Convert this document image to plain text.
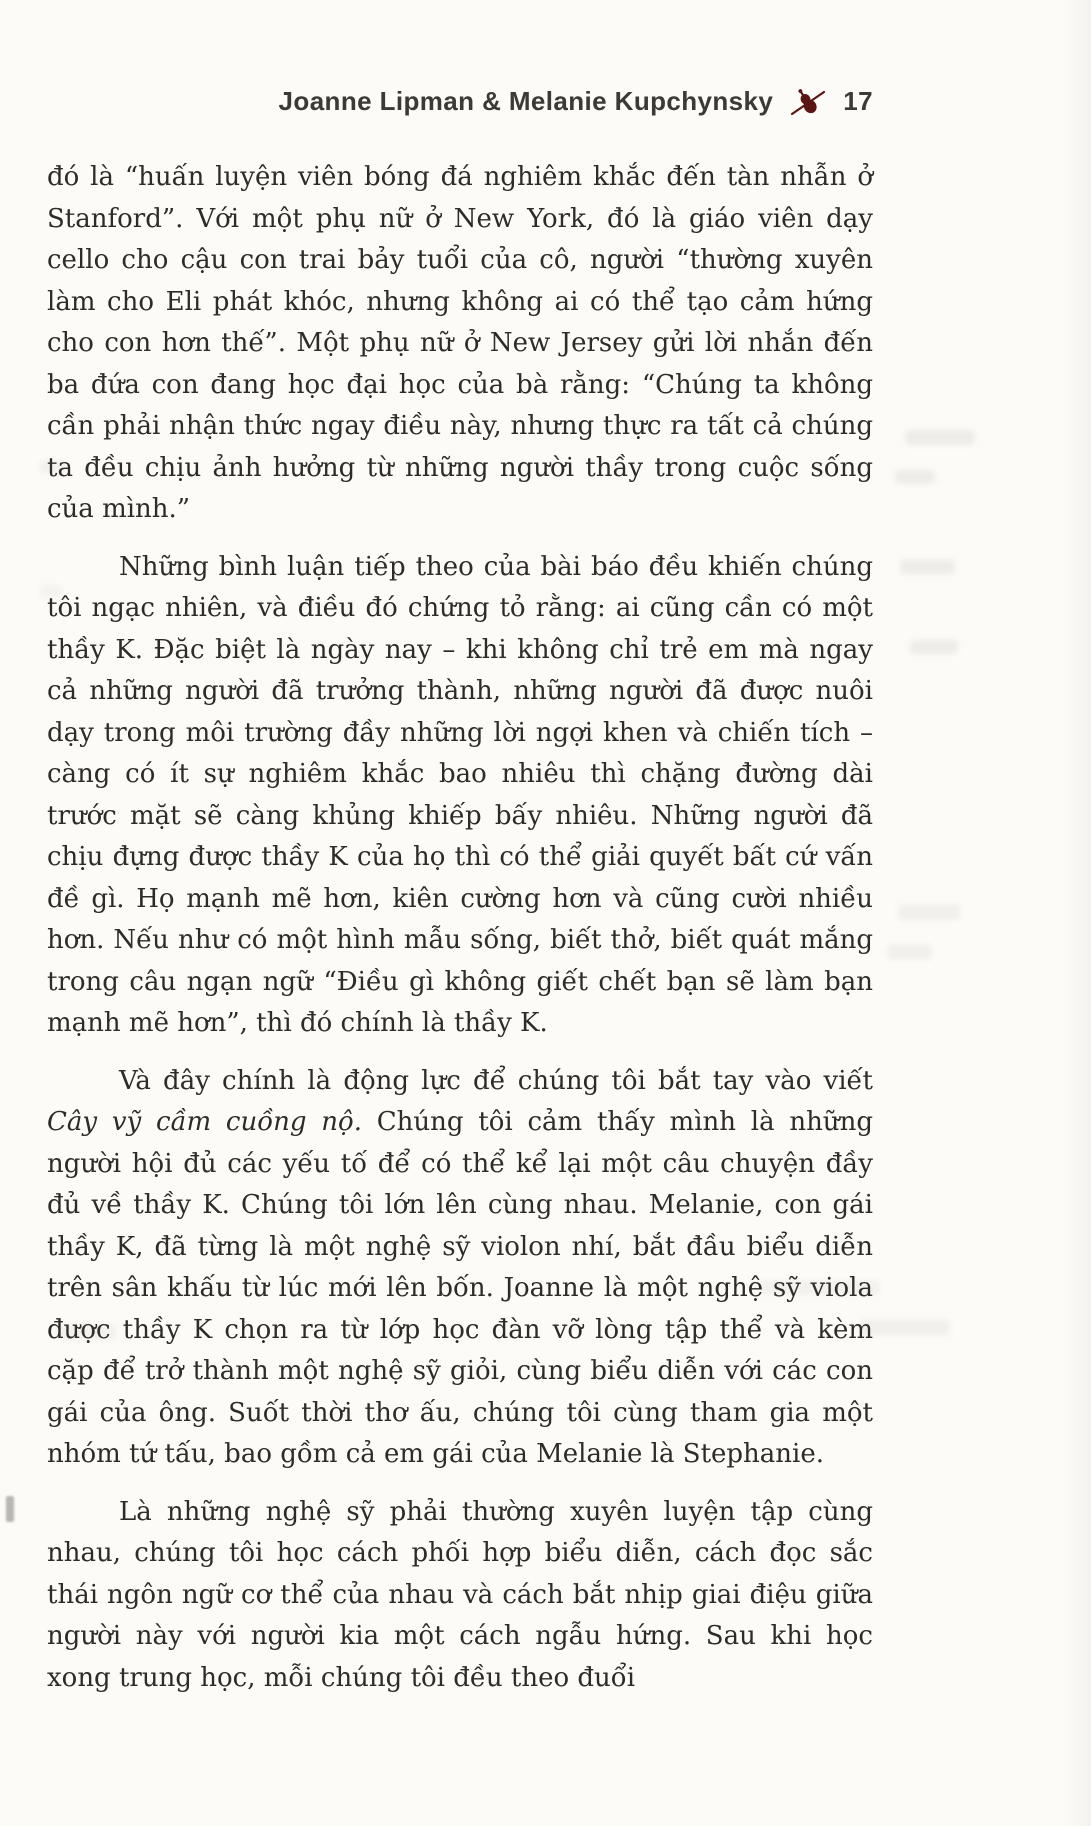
Joanne Lipman & Melanie Kupchynsky	17

đó là “huấn luyện viên bóng đá nghiêm khắc đến tàn nhẫn ở Stanford”. Với một phụ nữ ở New York, đó là giáo viên dạy cello cho cậu con trai bảy tuổi của cô, người “thường xuyên làm cho Eli phát khóc, nhưng không ai có thể tạo cảm hứng cho con hơn thế”. Một phụ nữ ở New Jersey gửi lời nhắn đến ba đứa con đang học đại học của bà rằng: “Chúng ta không cần phải nhận thức ngay điều này, nhưng thực ra tất cả chúng ta đều chịu ảnh hưởng từ những người thầy trong cuộc sống của mình.”

Những bình luận tiếp theo của bài báo đều khiến chúng tôi ngạc nhiên, và điều đó chứng tỏ rằng: ai cũng cần có một thầy K. Đặc biệt là ngày nay – khi không chỉ trẻ em mà ngay cả những người đã trưởng thành, những người đã được nuôi dạy trong môi trường đầy những lời ngợi khen và chiến tích – càng có ít sự nghiêm khắc bao nhiêu thì chặng đường dài trước mặt sẽ càng khủng khiếp bấy nhiêu. Những người đã chịu đựng được thầy K của họ thì có thể giải quyết bất cứ vấn đề gì. Họ mạnh mẽ hơn, kiên cường hơn và cũng cười nhiều hơn. Nếu như có một hình mẫu sống, biết thở, biết quát mắng trong câu ngạn ngữ “Điều gì không giết chết bạn sẽ làm bạn mạnh mẽ hơn”, thì đó chính là thầy K.

Và đây chính là động lực để chúng tôi bắt tay vào viết Cây vỹ cầm cuồng nộ. Chúng tôi cảm thấy mình là những người hội đủ các yếu tố để có thể kể lại một câu chuyện đầy đủ về thầy K. Chúng tôi lớn lên cùng nhau. Melanie, con gái thầy K, đã từng là một nghệ sỹ violon nhí, bắt đầu biểu diễn trên sân khấu từ lúc mới lên bốn. Joanne là một nghệ sỹ viola được thầy K chọn ra từ lớp học đàn vỡ lòng tập thể và kèm cặp để trở thành một nghệ sỹ giỏi, cùng biểu diễn với các con gái của ông. Suốt thời thơ ấu, chúng tôi cùng tham gia một nhóm tứ tấu, bao gồm cả em gái của Melanie là Stephanie.

Là những nghệ sỹ phải thường xuyên luyện tập cùng nhau, chúng tôi học cách phối hợp biểu diễn, cách đọc sắc thái ngôn ngữ cơ thể của nhau và cách bắt nhịp giai điệu giữa người này với người kia một cách ngẫu hứng. Sau khi học xong trung học, mỗi chúng tôi đều theo đuổi
